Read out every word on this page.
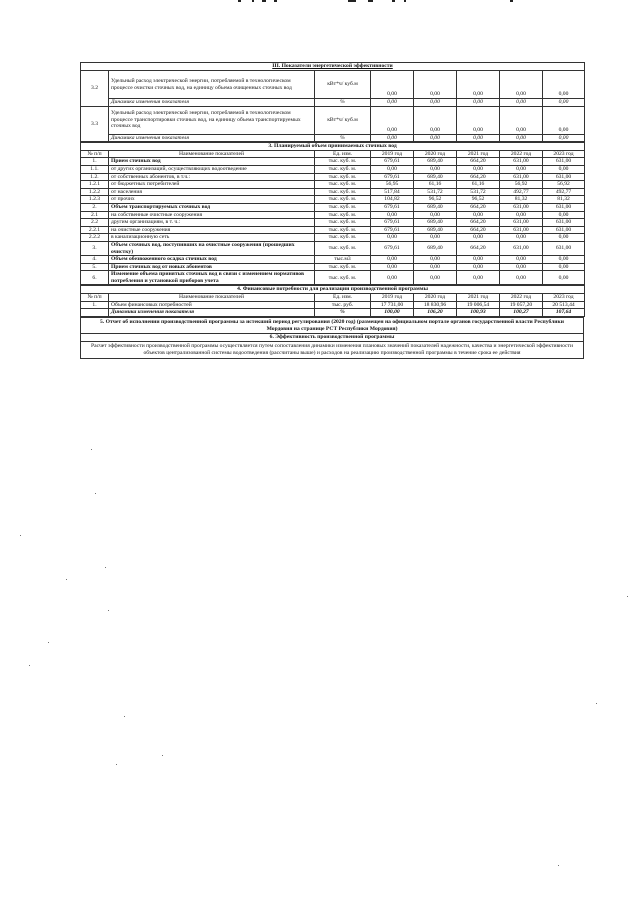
III. Показатели энергетической эффективности							
3.2	Удельный расход электрической энергии, потребляемой в технологическом процессе очистки сточных вод, на единицу объема очищенных сточных вод	кВт*ч/ куб.м	0,00	0,00	0,00	0,00	0,00
	Динамика изменения показателя	%	0,00	0,00	0,00	0,00	0,00
3.3	Удельный расход электрической энергии, потребляемой в технологическом процессе транспортировки сточных вод, на единицу объема транспортируемых сточных вод	кВт*ч/ куб.м	0,00	0,00	0,00	0,00	0,00
	Динамика изменения показателя	%	0,00	0,00	0,00	0,00	0,00
3. Планируемый объем принимаемых сточных вод							
№ п/п	Наименование показателей	Ед. изм.	2019 год	2020 год	2021 год	2022 год	2023 год
1.	Прием сточных вод	тыс. куб. м.	679,61	689,40	664,20	631,00	631,00
1.1.	от других организаций, осуществляющих водоотведение	тыс. куб. м.	0,00	0,00	0,00	0,00	0,00
1.2.	от собственных абонентов, в т.ч.:	тыс. куб. м.	679,61	689,40	664,20	631,00	631,00
1.2.1	от бюджетных потребителей	тыс. куб. м.	56,95	61,16	61,16	56,92	56,92
1.2.2	от населения	тыс. куб. м.	517,84	531,72	531,72	492,77	492,77
1.2.3	от прочих	тыс. куб. м.	104,82	96,52	96,52	81,32	81,32
2.	Объем транспортируемых сточных вод	тыс. куб. м.	679,61	689,40	664,20	631,00	631,00
2.1	на собственные очистные сооружения	тыс. куб. м.	0,00	0,00	0,00	0,00	0,00
2.2	другим организациям, в т. ч.:	тыс. куб. м.	679,61	689,40	664,20	631,00	631,00
2.2.1	на очистные сооружения	тыс. куб. м.	679,61	689,40	664,20	631,00	631,00
2.2.2	в канализационную сеть	тыс. куб. м.	0,00	0,00	0,00	0,00	0,00
3.	Объем сточных вод, поступивших на очистные сооружения (прошедших очистку)	тыс. куб. м.	679,61	689,40	664,20	631,00	631,00
4.	Объем обезвоженного осадка сточных вод	тыс.м3	0,00	0,00	0,00	0,00	0,00
5.	Прием сточных вод от новых абонентов	тыс. куб. м.	0,00	0,00	0,00	0,00	0,00
6.	Изменение объема принятых сточных вод в связи с изменением нормативов потребления и установкой приборов учета	тыс. куб. м.	0,00	0,00	0,00	0,00	0,00
4. Финансовые потребности для реализации производственной программы							
№ п/п	Наименование показателей	Ед. изм.	2019 год	2020 год	2021 год	2022 год	2023 год
1.	Объем финансовых потребностей	тыс. руб.	17 731,00	18 830,96	19 006,54	19 057,20	20 513,44
	Динамика изменения показателя	%	100,00	106,20	100,93	100,27	107,64
5. Отчет об исполнении производственной программы за истекший период регулирования (2020 год) (размещен на официальном портале органов государственной власти Республики Мордовия на странице РСТ Республики Мордовия)
6. Эффективность производственной программы
Расчет эффективности производственной программы осуществляется путем сопоставления динамики изменения плановых значений показателей надежности, качества и энергетической эффективности объектов централизованной системы водоотведения (рассчитаны выше) и расходов на реализацию производственной программы в течение срока ее действия
